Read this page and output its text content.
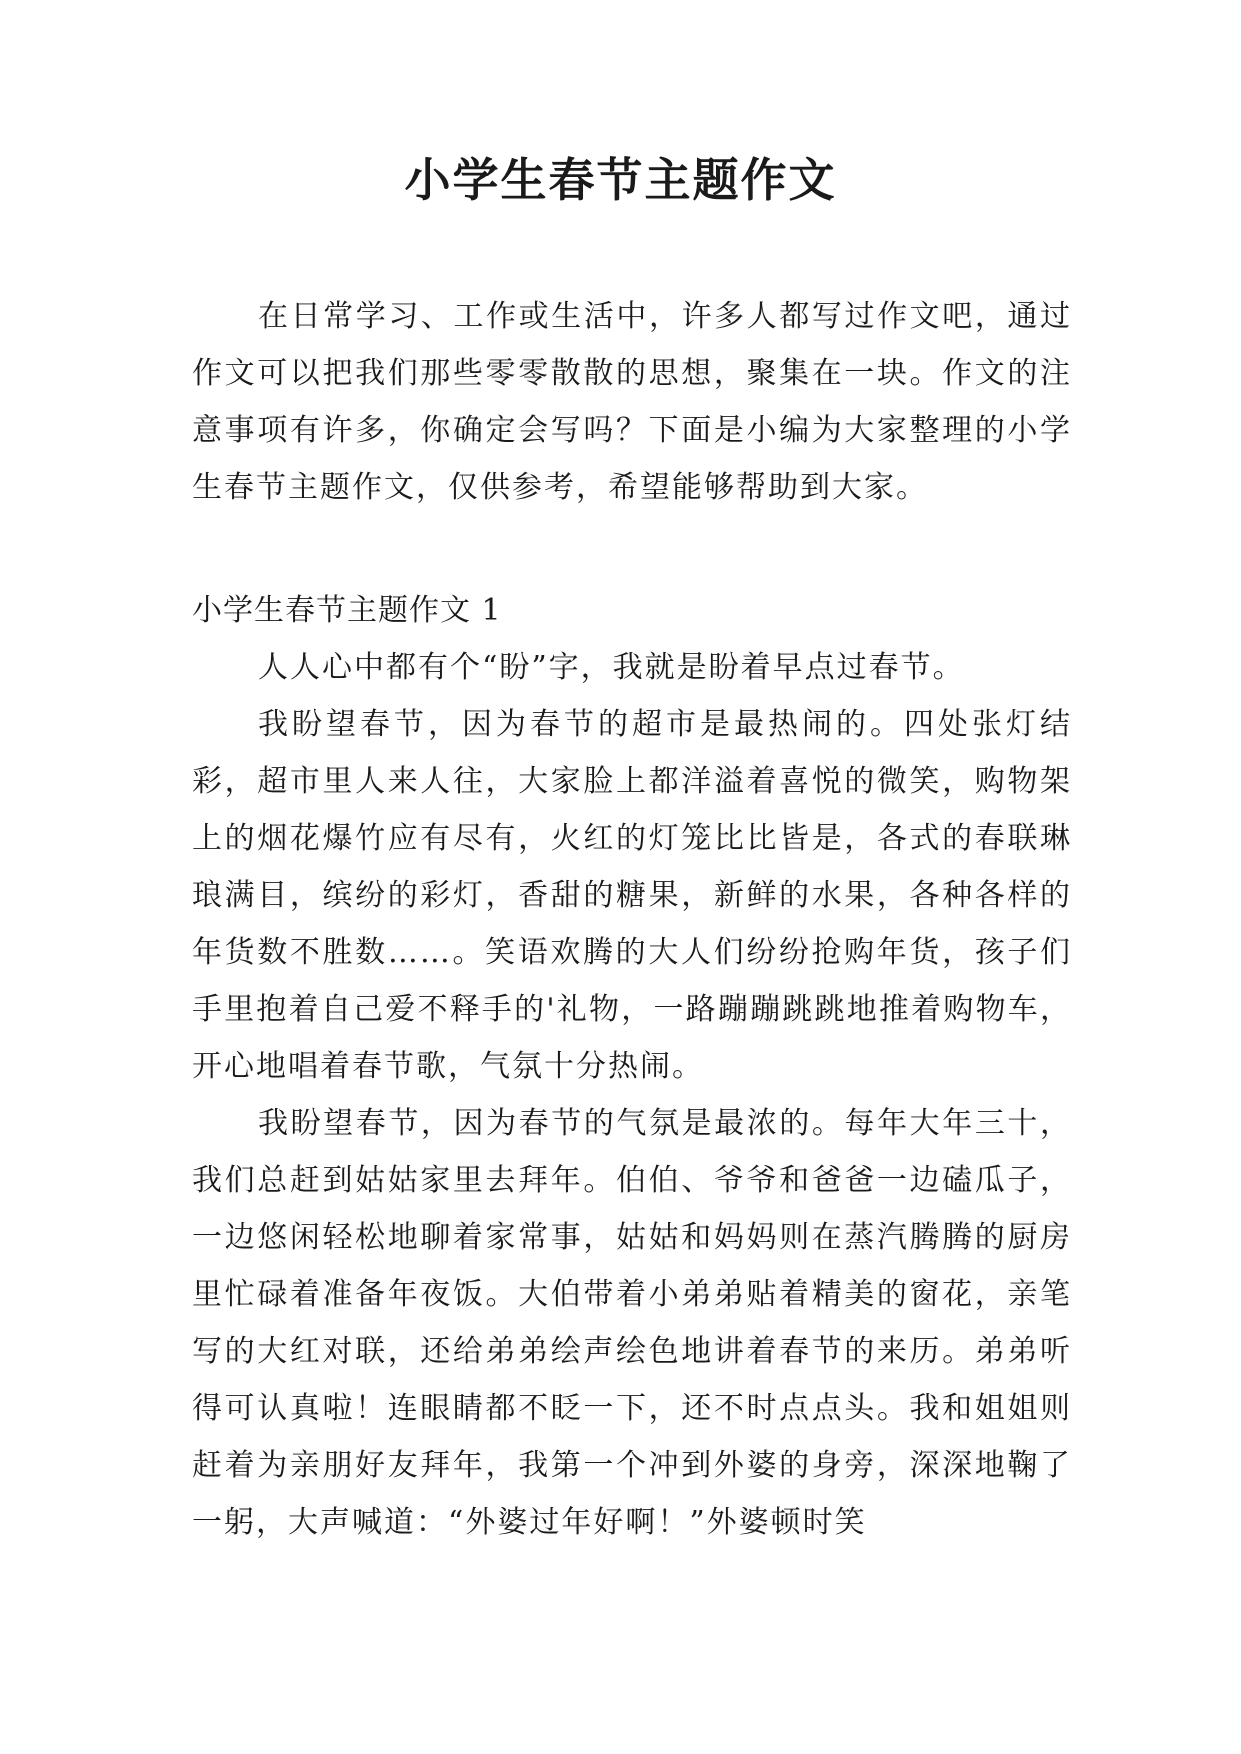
小学生春节主题作文

在日常学习、工作或生活中，许多人都写过作文吧，通过作文可以把我们那些零零散散的思想，聚集在一块。作文的注意事项有许多，你确定会写吗？下面是小编为大家整理的小学生春节主题作文，仅供参考，希望能够帮助到大家。

小学生春节主题作文 1

人人心中都有个“盼”字，我就是盼着早点过春节。

我盼望春节，因为春节的超市是最热闹的。四处张灯结彩，超市里人来人往，大家脸上都洋溢着喜悦的微笑，购物架上的烟花爆竹应有尽有，火红的灯笼比比皆是，各式的春联琳琅满目，缤纷的彩灯，香甜的糖果，新鲜的水果，各种各样的年货数不胜数……。笑语欢腾的大人们纷纷抢购年货，孩子们手里抱着自己爱不释手的'礼物，一路蹦蹦跳跳地推着购物车，开心地唱着春节歌，气氛十分热闹。

我盼望春节，因为春节的气氛是最浓的。每年大年三十，我们总赶到姑姑家里去拜年。伯伯、爷爷和爸爸一边磕瓜子，一边悠闲轻松地聊着家常事，姑姑和妈妈则在蒸汽腾腾的厨房里忙碌着准备年夜饭。大伯带着小弟弟贴着精美的窗花，亲笔写的大红对联，还给弟弟绘声绘色地讲着春节的来历。弟弟听得可认真啦！连眼睛都不眨一下，还不时点点头。我和姐姐则赶着为亲朋好友拜年，我第一个冲到外婆的身旁，深深地鞠了一躬，大声喊道：“外婆过年好啊！”外婆顿时笑
